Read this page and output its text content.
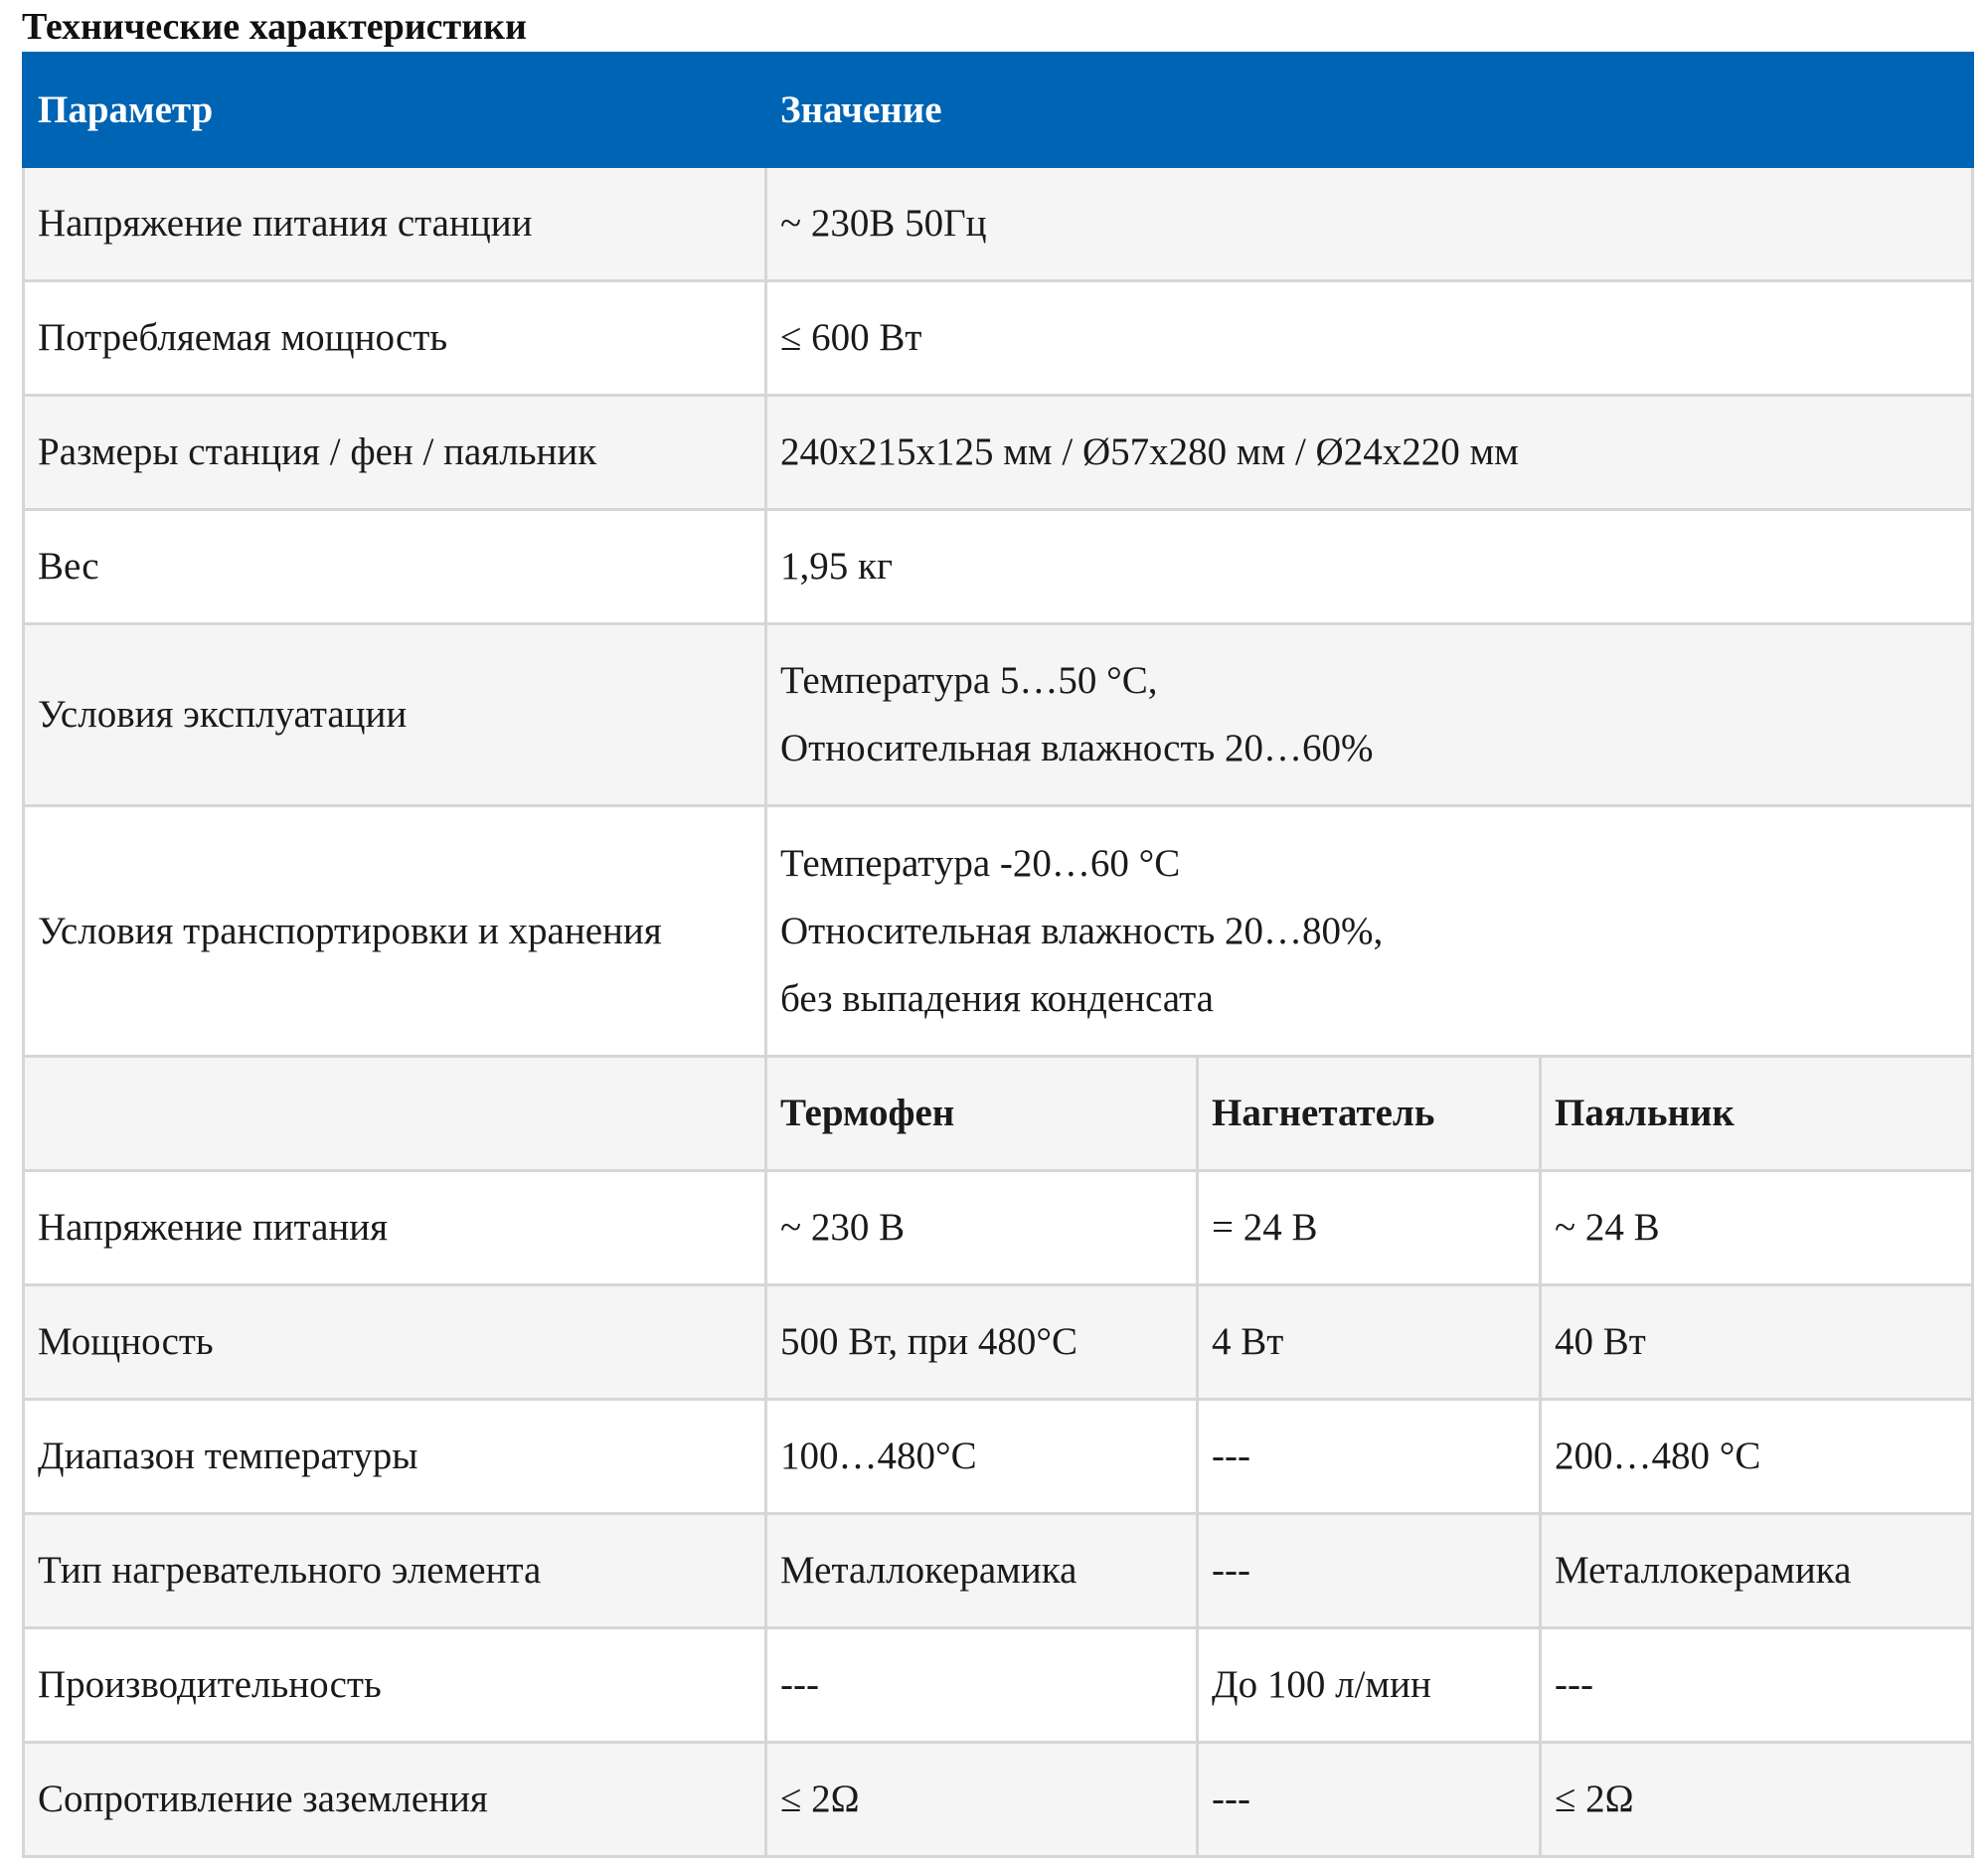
Технические характеристики
Параметр	Значение		
Напряжение питания станции	~ 230В 50Гц		
Потребляемая мощность	≤ 600 Вт		
Размеры станция / фен / паяльник	240х215х125 мм / Ø57х280 мм / Ø24х220 мм		
Вес	1,95 кг		
Условия эксплуатации	Температура 5…50 °С,
Относительная влажность 20…60%		

Условия транспортировки и хранения	Температура -20…60 °С
Относительная влажность 20…80%,
без выпадения конденсата		

	Термофен	Нагнетатель	Паяльник
Напряжение питания	~ 230 В	= 24 В	~ 24 В
Мощность	500 Вт, при 480°С	4 Вт	40 Вт
Диапазон температуры	100…480°С	---	200…480 °С
Тип нагревательного элемента	Металлокерамика	---	Металлокерамика
Производительность	---	До 100 л/мин	---
Сопротивление заземления	≤ 2Ω	---	≤ 2Ω
